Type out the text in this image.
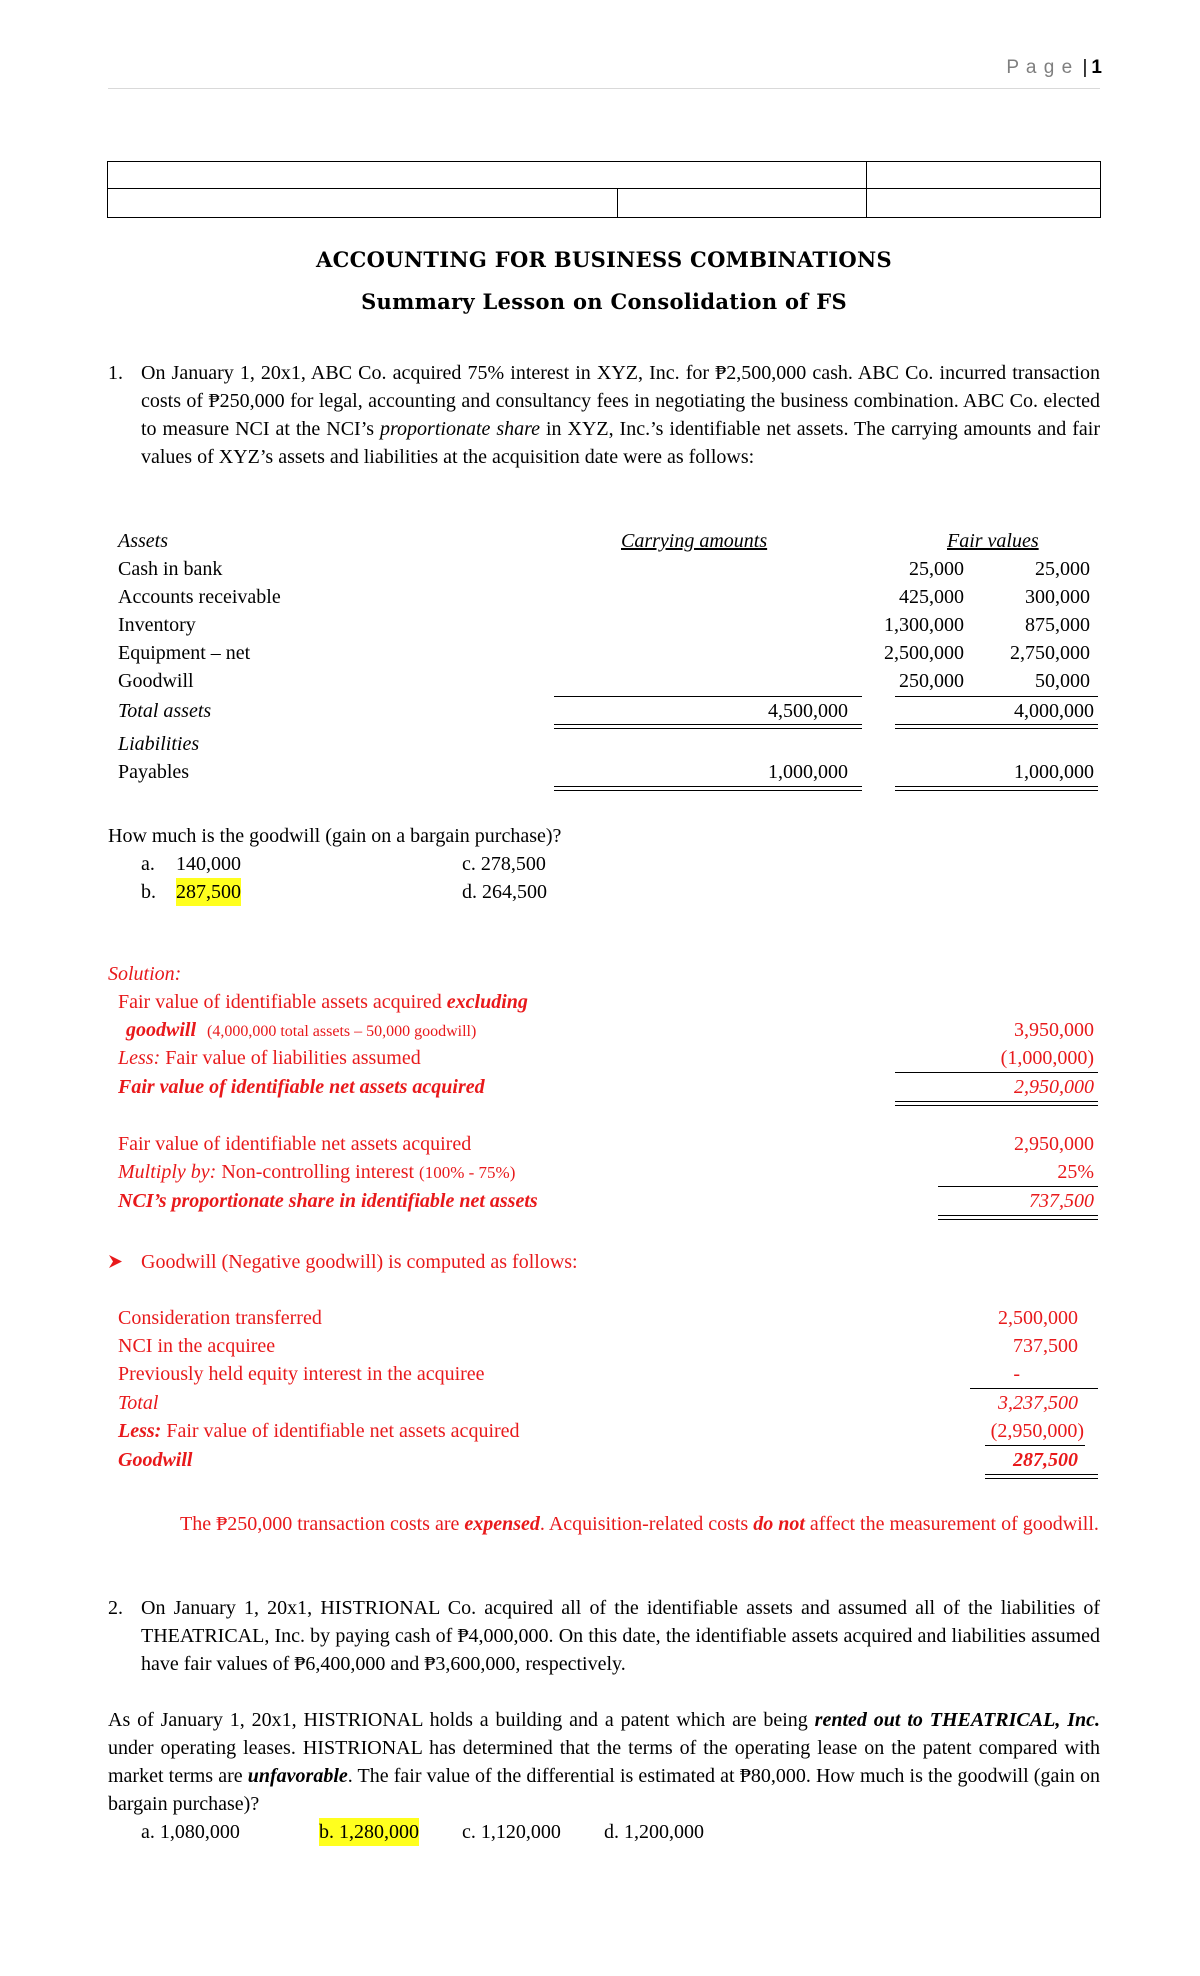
P a g e | 1
ACCOUNTING FOR BUSINESS COMBINATIONS
Summary Lesson on Consolidation of FS
1. On January 1, 20x1, ABC Co. acquired 75% interest in XYZ, Inc. for ₱2,500,000 cash. ABC Co. incurred transaction costs of ₱250,000 for legal, accounting and consultancy fees in negotiating the business combination. ABC Co. elected to measure NCI at the NCI’s proportionate share in XYZ, Inc.’s identifiable net assets. The carrying amounts and fair values of XYZ’s assets and liabilities at the acquisition date were as follows:
Assets	Carrying amounts	Fair values
Cash in bank	25,000	25,000
Accounts receivable	425,000	300,000
Inventory	1,300,000	875,000
Equipment – net	2,500,000 2,750,000
Goodwill	250,000	50,000
Total assets	4,500,000	4,000,000
Liabilities
Payables	1,000,000	1,000,000
How much is the goodwill (gain on a bargain purchase)?
a. 140,000	c. 278,500
b. 287,500	d. 264,500
Solution:
Fair value of identifiable assets acquired excluding
goodwill (4,000,000 total assets – 50,000 goodwill)	3,950,000
Less: Fair value of liabilities assumed	(1,000,000)
Fair value of identifiable net assets acquired	2,950,000
Fair value of identifiable net assets acquired	2,950,000
Multiply by: Non-controlling interest (100% - 75%)	25%
NCI’s proportionate share in identifiable net assets	737,500
Goodwill (Negative goodwill) is computed as follows:
Consideration transferred	2,500,000
NCI in the acquiree	737,500
Previously held equity interest in the acquiree	-
Total	3,237,500
Less: Fair value of identifiable net assets acquired	(2,950,000)
Goodwill	287,500
The ₱250,000 transaction costs are expensed. Acquisition-related costs do not affect the measurement of goodwill.
2. On January 1, 20x1, HISTRIONAL Co. acquired all of the identifiable assets and assumed all of the liabilities of THEATRICAL, Inc. by paying cash of ₱4,000,000. On this date, the identifiable assets acquired and liabilities assumed have fair values of ₱6,400,000 and ₱3,600,000, respectively.
As of January 1, 20x1, HISTRIONAL holds a building and a patent which are being rented out to THEATRICAL, Inc. under operating leases. HISTRIONAL has determined that the terms of the operating lease on the patent compared with market terms are unfavorable. The fair value of the differential is estimated at ₱80,000. How much is the goodwill (gain on bargain purchase)?
a. 1,080,000	b. 1,280,000 c. 1,120,000 d. 1,200,000
